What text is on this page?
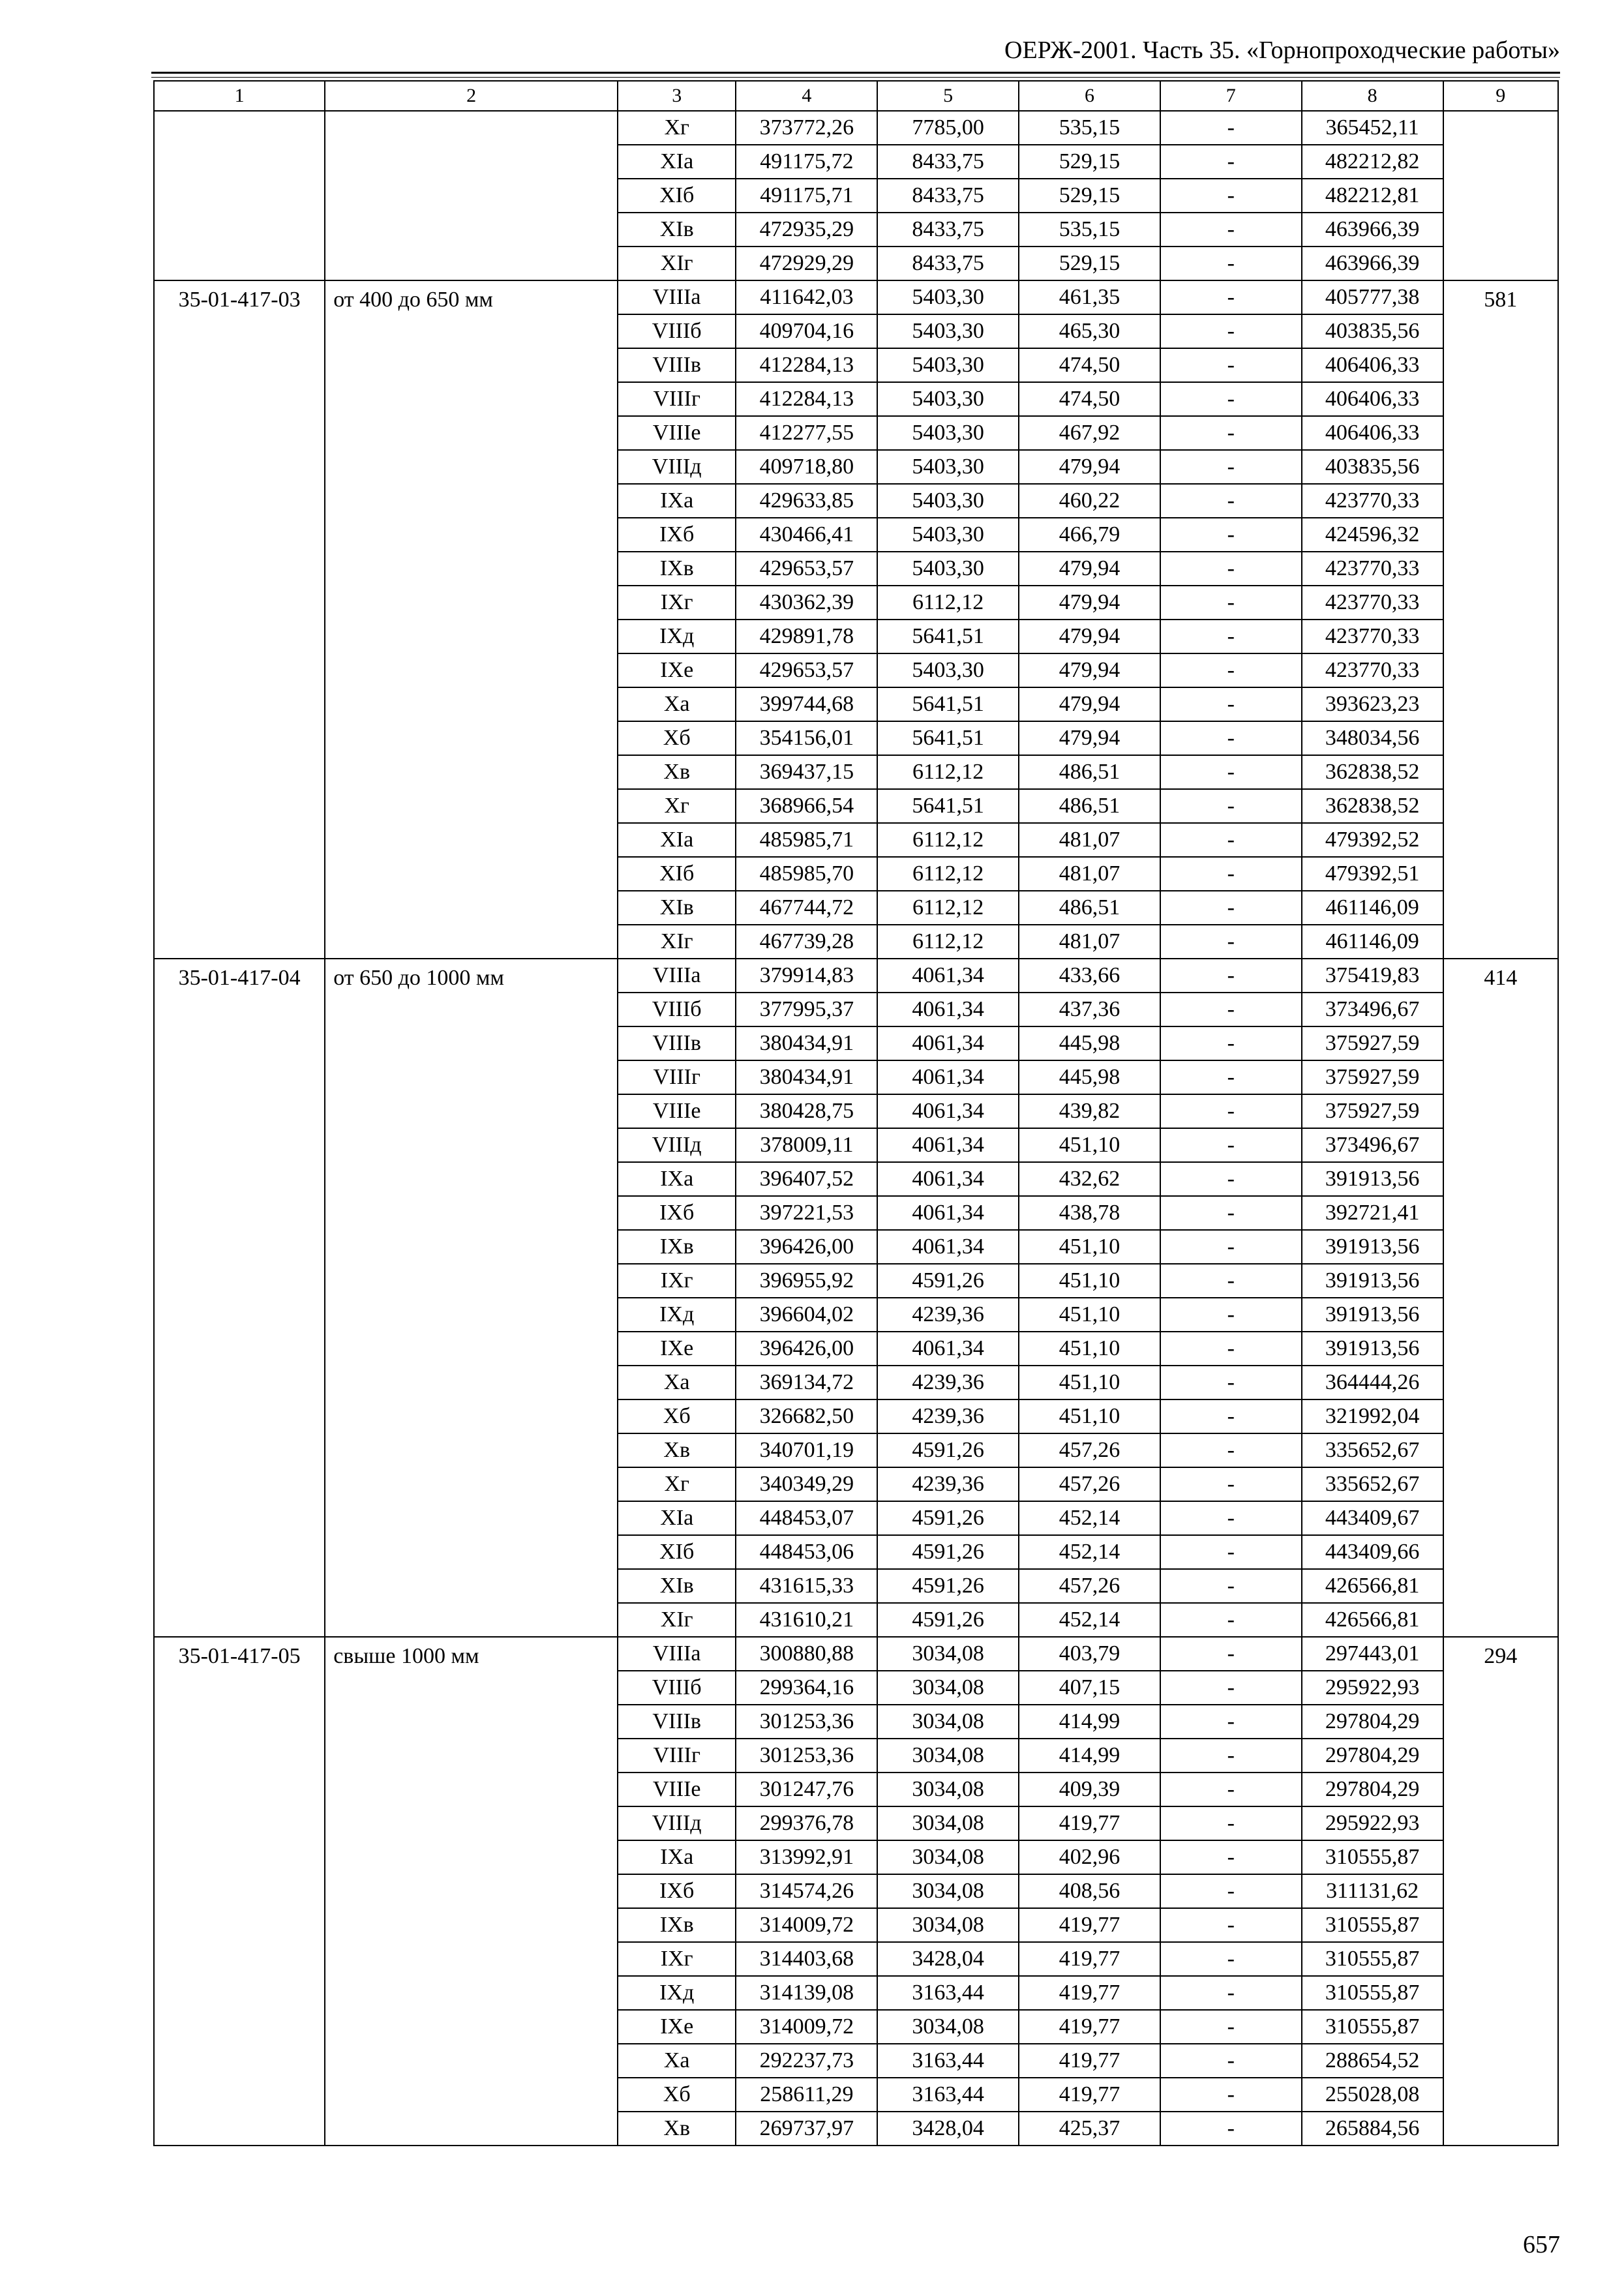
ОЕРЖ-2001. Часть 35. «Горнопроходческие работы»
1	2	3	4	5	6	7	8	9
		Xг	373772,26	7785,00	535,15	-	365452,11	
		XIa	491175,72	8433,75	529,15	-	482212,82	
		XIб	491175,71	8433,75	529,15	-	482212,81	
		XIв	472935,29	8433,75	535,15	-	463966,39	
		XIг	472929,29	8433,75	529,15	-	463966,39	
35-01-417-03	от 400 до 650 мм	VIIIa	411642,03	5403,30	461,35	-	405777,38	581
		VIIIб	409704,16	5403,30	465,30	-	403835,56	
		VIIIв	412284,13	5403,30	474,50	-	406406,33	
		VIIIг	412284,13	5403,30	474,50	-	406406,33	
		VIIIе	412277,55	5403,30	467,92	-	406406,33	
		VIIIд	409718,80	5403,30	479,94	-	403835,56	
		IXa	429633,85	5403,30	460,22	-	423770,33	
		IXб	430466,41	5403,30	466,79	-	424596,32	
		IXв	429653,57	5403,30	479,94	-	423770,33	
		IXг	430362,39	6112,12	479,94	-	423770,33	
		IXд	429891,78	5641,51	479,94	-	423770,33	
		IXе	429653,57	5403,30	479,94	-	423770,33	
		Xa	399744,68	5641,51	479,94	-	393623,23	
		Xб	354156,01	5641,51	479,94	-	348034,56	
		Xв	369437,15	6112,12	486,51	-	362838,52	
		Xг	368966,54	5641,51	486,51	-	362838,52	
		XIa	485985,71	6112,12	481,07	-	479392,52	
		XIб	485985,70	6112,12	481,07	-	479392,51	
		XIв	467744,72	6112,12	486,51	-	461146,09	
		XIг	467739,28	6112,12	481,07	-	461146,09	
35-01-417-04	от 650 до 1000 мм	VIIIa	379914,83	4061,34	433,66	-	375419,83	414
		VIIIб	377995,37	4061,34	437,36	-	373496,67	
		VIIIв	380434,91	4061,34	445,98	-	375927,59	
		VIIIг	380434,91	4061,34	445,98	-	375927,59	
		VIIIе	380428,75	4061,34	439,82	-	375927,59	
		VIIIд	378009,11	4061,34	451,10	-	373496,67	
		IXa	396407,52	4061,34	432,62	-	391913,56	
		IXб	397221,53	4061,34	438,78	-	392721,41	
		IXв	396426,00	4061,34	451,10	-	391913,56	
		IXг	396955,92	4591,26	451,10	-	391913,56	
		IXд	396604,02	4239,36	451,10	-	391913,56	
		IXе	396426,00	4061,34	451,10	-	391913,56	
		Xa	369134,72	4239,36	451,10	-	364444,26	
		Xб	326682,50	4239,36	451,10	-	321992,04	
		Xв	340701,19	4591,26	457,26	-	335652,67	
		Xг	340349,29	4239,36	457,26	-	335652,67	
		XIa	448453,07	4591,26	452,14	-	443409,67	
		XIб	448453,06	4591,26	452,14	-	443409,66	
		XIв	431615,33	4591,26	457,26	-	426566,81	
		XIг	431610,21	4591,26	452,14	-	426566,81	
35-01-417-05	свыше 1000 мм	VIIIa	300880,88	3034,08	403,79	-	297443,01	294
		VIIIб	299364,16	3034,08	407,15	-	295922,93	
		VIIIв	301253,36	3034,08	414,99	-	297804,29	
		VIIIг	301253,36	3034,08	414,99	-	297804,29	
		VIIIе	301247,76	3034,08	409,39	-	297804,29	
		VIIIд	299376,78	3034,08	419,77	-	295922,93	
		IXa	313992,91	3034,08	402,96	-	310555,87	
		IXб	314574,26	3034,08	408,56	-	311131,62	
		IXв	314009,72	3034,08	419,77	-	310555,87	
		IXг	314403,68	3428,04	419,77	-	310555,87	
		IXд	314139,08	3163,44	419,77	-	310555,87	
		IXе	314009,72	3034,08	419,77	-	310555,87	
		Xa	292237,73	3163,44	419,77	-	288654,52	
		Xб	258611,29	3163,44	419,77	-	255028,08	
		Xв	269737,97	3428,04	425,37	-	265884,56	
657
